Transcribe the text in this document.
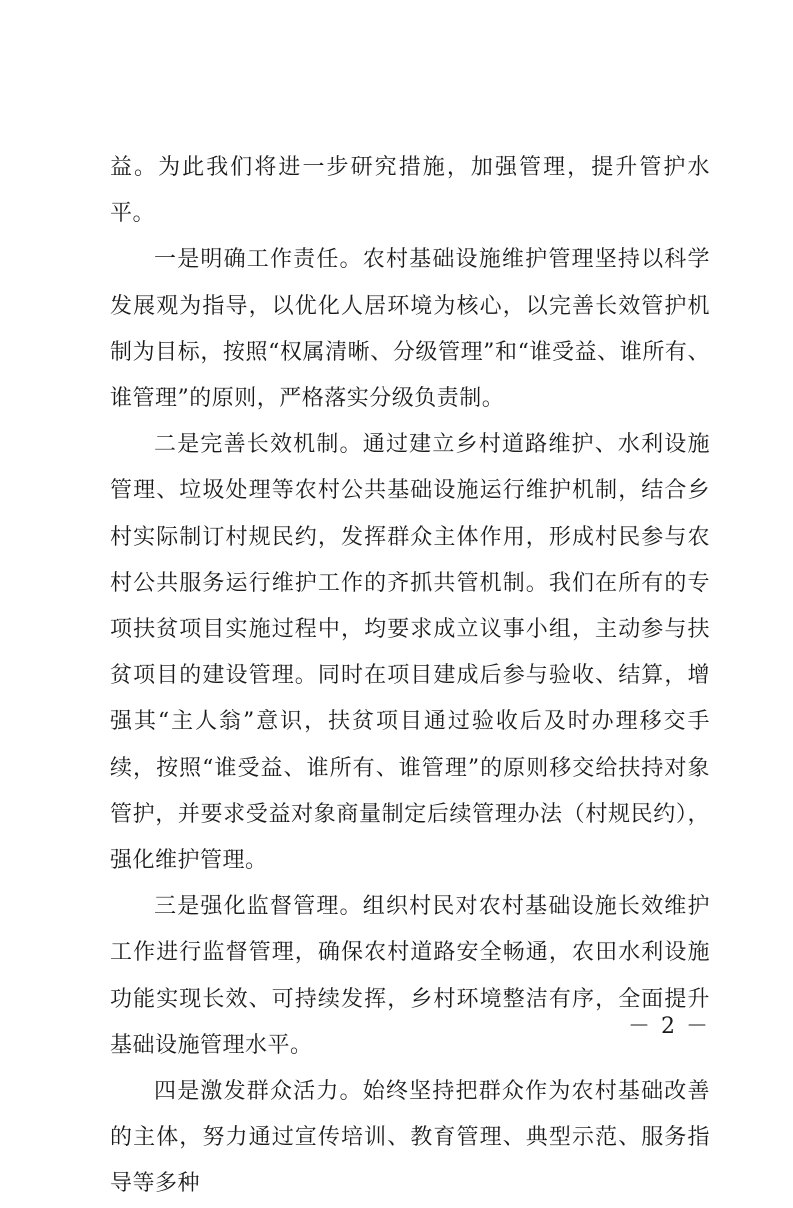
益。为此我们将进一步研究措施，加强管理，提升管护水平。

一是明确工作责任。农村基础设施维护管理坚持以科学发展观为指导，以优化人居环境为核心，以完善长效管护机制为目标，按照“权属清晰、分级管理”和“谁受益、谁所有、谁管理”的原则，严格落实分级负责制。

二是完善长效机制。通过建立乡村道路维护、水利设施管理、垃圾处理等农村公共基础设施运行维护机制，结合乡村实际制订村规民约，发挥群众主体作用，形成村民参与农村公共服务运行维护工作的齐抓共管机制。我们在所有的专项扶贫项目实施过程中，均要求成立议事小组，主动参与扶贫项目的建设管理。同时在项目建成后参与验收、结算，增强其“主人翁”意识，扶贫项目通过验收后及时办理移交手续，按照“谁受益、谁所有、谁管理”的原则移交给扶持对象管护，并要求受益对象商量制定后续管理办法（村规民约），强化维护管理。

三是强化监督管理。组织村民对农村基础设施长效维护工作进行监督管理，确保农村道路安全畅通，农田水利设施功能实现长效、可持续发挥，乡村环境整洁有序，全面提升基础设施管理水平。

四是激发群众活力。始终坚持把群众作为农村基础改善的主体，努力通过宣传培训、教育管理、典型示范、服务指导等多种

－ 2 －
